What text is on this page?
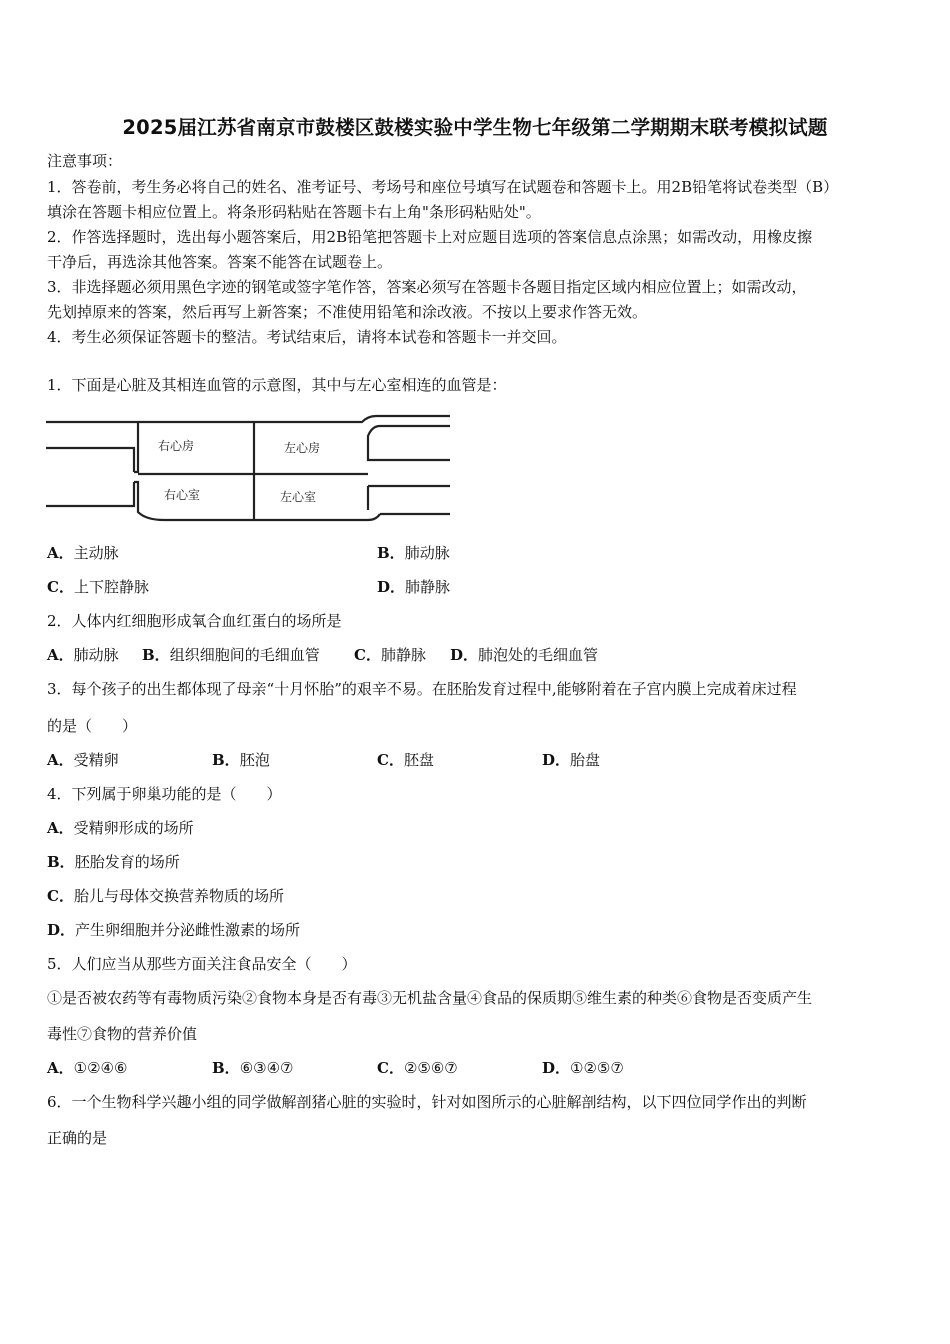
2025届江苏省南京市鼓楼区鼓楼实验中学生物七年级第二学期期末联考模拟试题
注意事项：
1．答卷前，考生务必将自己的姓名、准考证号、考场号和座位号填写在试题卷和答题卡上。用2B铅笔将试卷类型（B）
填涂在答题卡相应位置上。将条形码粘贴在答题卡右上角"条形码粘贴处"。
2．作答选择题时，选出每小题答案后，用2B铅笔把答题卡上对应题目选项的答案信息点涂黑；如需改动，用橡皮擦
干净后，再选涂其他答案。答案不能答在试题卷上。
3．非选择题必须用黑色字迹的钢笔或签字笔作答，答案必须写在答题卡各题目指定区域内相应位置上；如需改动，
先划掉原来的答案，然后再写上新答案；不准使用铅笔和涂改液。不按以上要求作答无效。
4．考生必须保证答题卡的整洁。考试结束后，请将本试卷和答题卡一并交回。
1．下面是心脏及其相连血管的示意图，其中与左心室相连的血管是：
右心房	左心房
右心室	左心室
A．主动脉	B．肺动脉
C．上下腔静脉	D．肺静脉
2．人体内红细胞形成氧合血红蛋白的场所是
A．肺动脉 B．组织细胞间的毛细血管 C．肺静脉 D．肺泡处的毛细血管
3．每个孩子的出生都体现了母亲“十月怀胎”的艰辛不易。在胚胎发育过程中,能够附着在子宫内膜上完成着床过程
的是（　　）
A．受精卵	B．胚泡	C．胚盘	D．胎盘
4．下列属于卵巢功能的是（　　）
A．受精卵形成的场所
B．胚胎发育的场所
C．胎儿与母体交换营养物质的场所
D．产生卵细胞并分泌雌性激素的场所
5．人们应当从那些方面关注食品安全（　　）
①是否被农药等有毒物质污染②食物本身是否有毒③无机盐含量④食品的保质期⑤维生素的种类⑥食物是否变质产生
毒性⑦食物的营养价值
A．①②④⑥	B．⑥③④⑦	C．②⑤⑥⑦	D．①②⑤⑦
6．一个生物科学兴趣小组的同学做解剖猪心脏的实验时，针对如图所示的心脏解剖结构，以下四位同学作出的判断
正确的是
